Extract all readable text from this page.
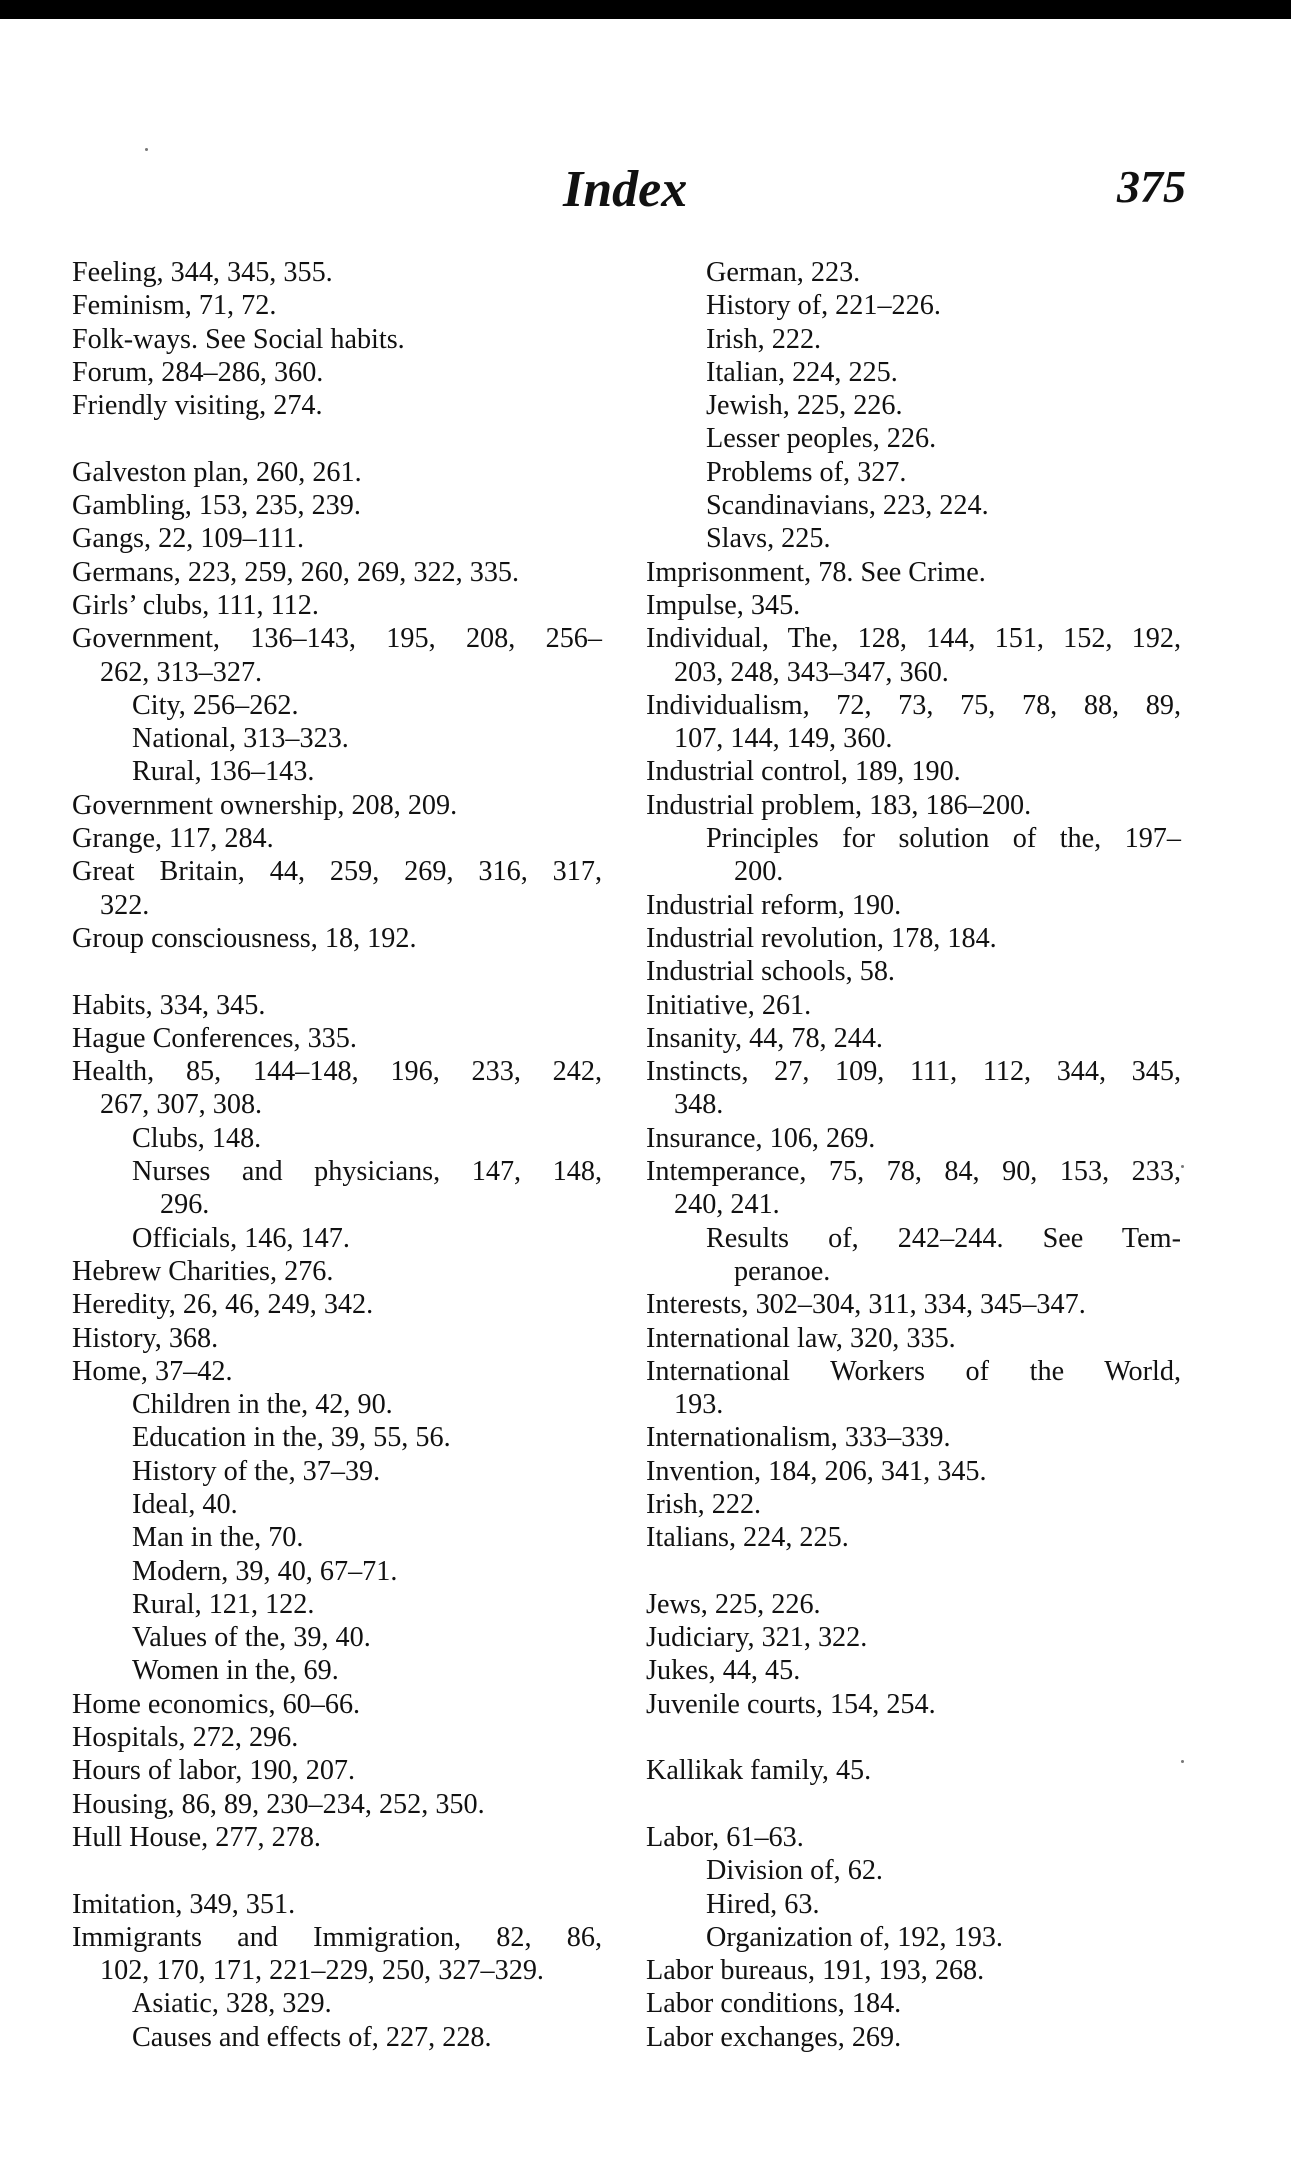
Index	375
Feeling, 344, 345, 355.
Feminism, 71, 72.
Folk-ways. See Social habits.
Forum, 284–286, 360.
Friendly visiting, 274.
Galveston plan, 260, 261.
Gambling, 153, 235, 239.
Gangs, 22, 109–111.
Germans, 223, 259, 260, 269, 322, 335.
Girls’ clubs, 111, 112.
Government, 136–143, 195, 208, 256–
262, 313–327.
City, 256–262.
National, 313–323.
Rural, 136–143.
Government ownership, 208, 209.
Grange, 117, 284.
Great Britain, 44, 259, 269, 316, 317,
322.
Group consciousness, 18, 192.
Habits, 334, 345.
Hague Conferences, 335.
Health, 85, 144–148, 196, 233, 242,
267, 307, 308.
Clubs, 148.
Nurses and physicians, 147, 148,
296.
Officials, 146, 147.
Hebrew Charities, 276.
Heredity, 26, 46, 249, 342.
History, 368.
Home, 37–42.
Children in the, 42, 90.
Education in the, 39, 55, 56.
History of the, 37–39.
Ideal, 40.
Man in the, 70.
Modern, 39, 40, 67–71.
Rural, 121, 122.
Values of the, 39, 40.
Women in the, 69.
Home economics, 60–66.
Hospitals, 272, 296.
Hours of labor, 190, 207.
Housing, 86, 89, 230–234, 252, 350.
Hull House, 277, 278.
Imitation, 349, 351.
Immigrants and Immigration, 82, 86,
102, 170, 171, 221–229, 250, 327–329.
Asiatic, 328, 329.
Causes and effects of, 227, 228.
German, 223.
History of, 221–226.
Irish, 222.
Italian, 224, 225.
Jewish, 225, 226.
Lesser peoples, 226.
Problems of, 327.
Scandinavians, 223, 224.
Slavs, 225.
Imprisonment, 78. See Crime.
Impulse, 345.
Individual, The, 128, 144, 151, 152, 192,
203, 248, 343–347, 360.
Individualism, 72, 73, 75, 78, 88, 89,
107, 144, 149, 360.
Industrial control, 189, 190.
Industrial problem, 183, 186–200.
Principles for solution of the, 197–
200.
Industrial reform, 190.
Industrial revolution, 178, 184.
Industrial schools, 58.
Initiative, 261.
Insanity, 44, 78, 244.
Instincts, 27, 109, 111, 112, 344, 345,
348.
Insurance, 106, 269.
Intemperance, 75, 78, 84, 90, 153, 233,
240, 241.
Results of, 242–244. See Tem-
peranoe.
Interests, 302–304, 311, 334, 345–347.
International law, 320, 335.
International Workers of the World,
193.
Internationalism, 333–339.
Invention, 184, 206, 341, 345.
Irish, 222.
Italians, 224, 225.
Jews, 225, 226.
Judiciary, 321, 322.
Jukes, 44, 45.
Juvenile courts, 154, 254.
Kallikak family, 45.
Labor, 61–63.
Division of, 62.
Hired, 63.
Organization of, 192, 193.
Labor bureaus, 191, 193, 268.
Labor conditions, 184.
Labor exchanges, 269.
